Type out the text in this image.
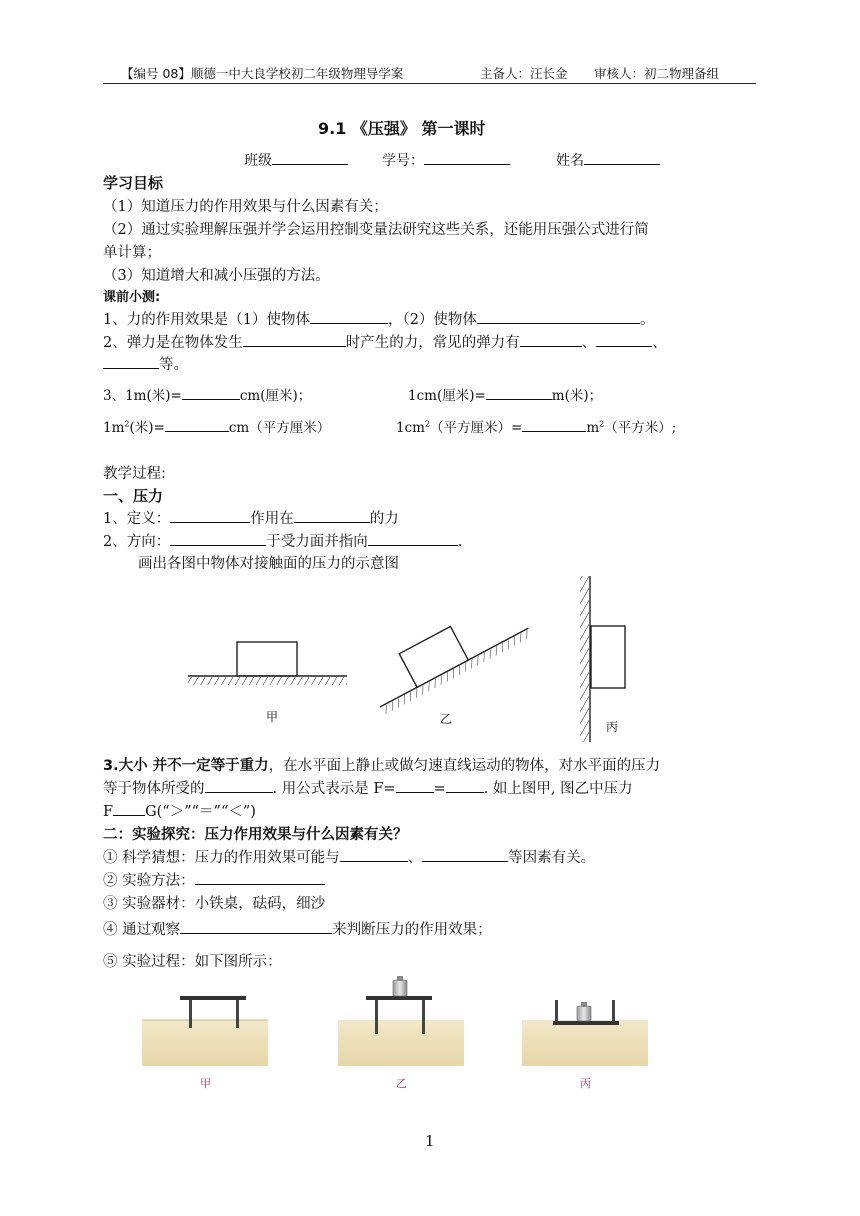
【编号 08】顺德一中大良学校初二年级物理导学案	主备人：汪长金 审核人：初二物理备组
9.1 《压强》 第一课时
班级	学号：	姓名
学习目标
（1）知道压力的作用效果与什么因素有关；
（2）通过实验理解压强并学会运用控制变量法研究这些关系，还能用压强公式进行简
单计算；
（3）知道增大和减小压强的方法。
课前小测:
1、力的作用效果是（1）使物体	，（2）使物体	。
2、弹力是在物体发生	时产生的力，常见的弹力有	、	、
等。
3、1m(米)=	cm(厘米)；	1cm(厘米)=	m(米)；
$1m^2$(米)=	cm（平方厘米）	$1cm^2$（平方厘米）=	$m^2$（平方米）;
教学过程:
一、压力
1、定义：	作用在	的力
2、方向：	于受力面并指向	.
画出各图中物体对接触面的压力的示意图
甲	乙
丙
3.大小 并不一定等于重力，在水平面上静止或做匀速直线运动的物体，对水平面的压力
等于物体所受的	. 用公式表示是 F=	=	. 如上图甲, 图乙中压力
F G(“＞”“＝”“＜”)
二：实验探究：压力作用效果与什么因素有关？
① 科学猜想：压力的作用效果可能与	、	等因素有关。
② 实验方法：
③ 实验器材：小铁桌，砝码，细沙
④ 通过观察	来判断压力的作用效果；
⑤ 实验过程：如下图所示：
甲	乙	丙
1
